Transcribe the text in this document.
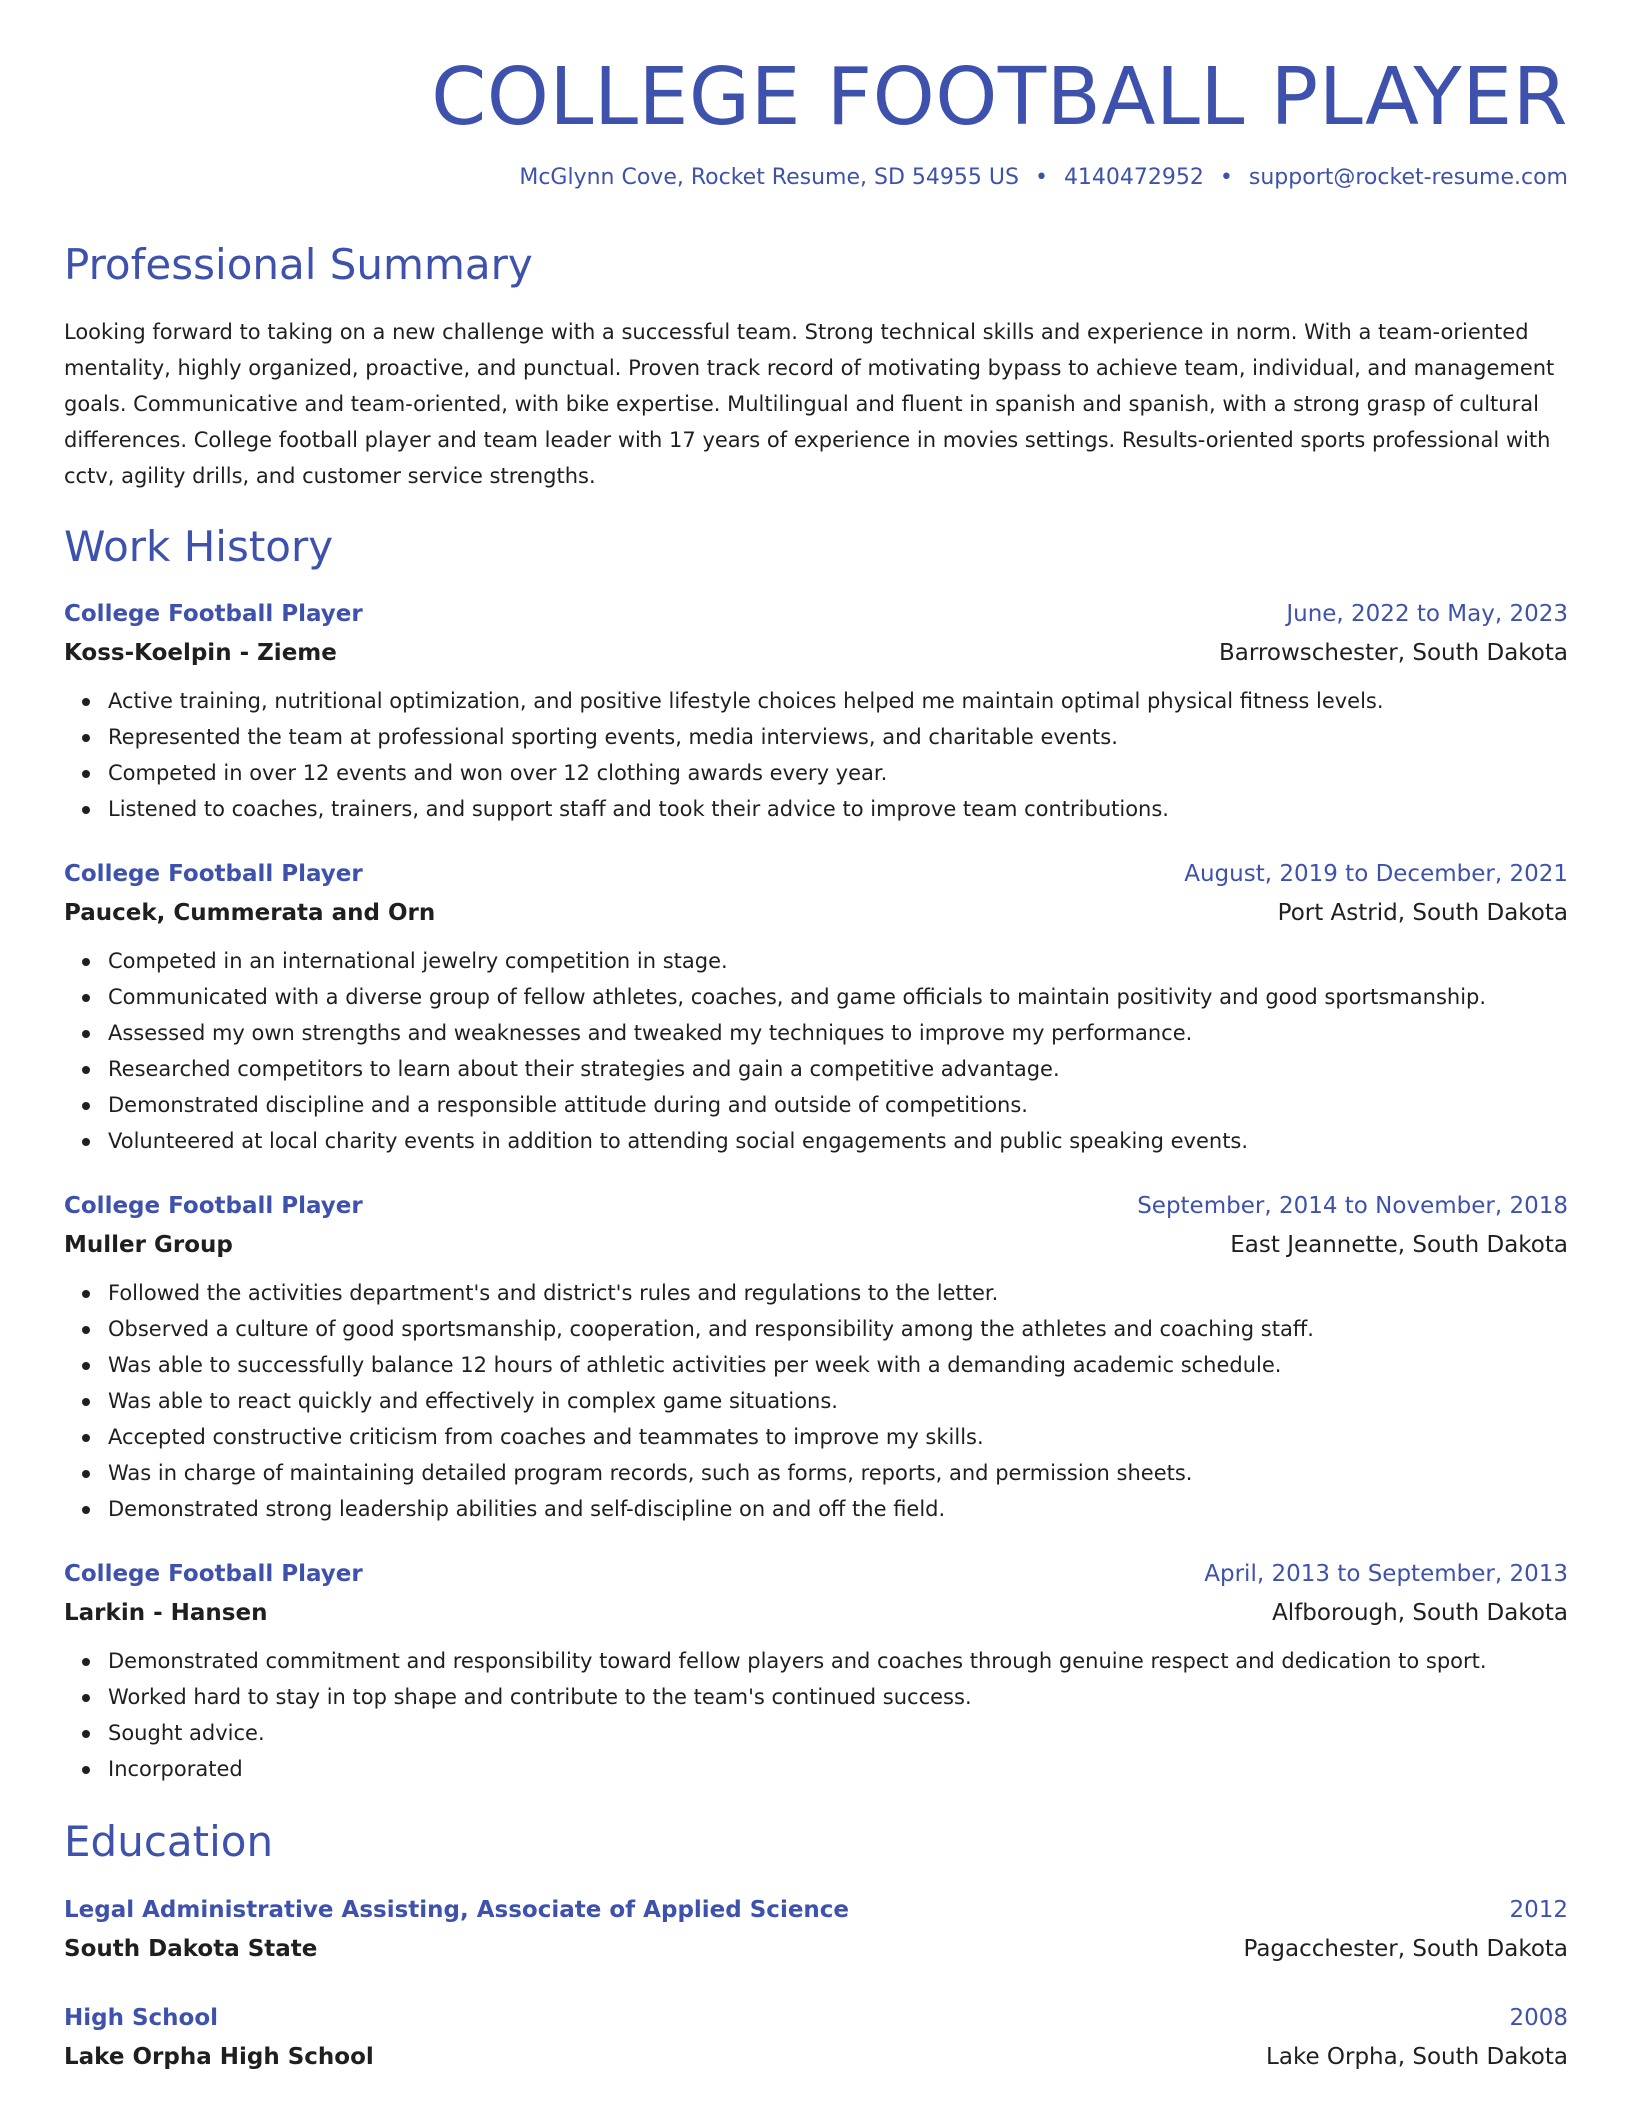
COLLEGE FOOTBALL PLAYER
McGlynn Cove, Rocket Resume, SD 54955 US • 4140472952 • support@rocket-resume.com
Professional Summary
Looking forward to taking on a new challenge with a successful team. Strong technical skills and experience in norm. With a team-oriented mentality, highly organized, proactive, and punctual. Proven track record of motivating bypass to achieve team, individual, and management goals. Communicative and team-oriented, with bike expertise. Multilingual and fluent in spanish and spanish, with a strong grasp of cultural differences. College football player and team leader with 17 years of experience in movies settings. Results-oriented sports professional with cctv, agility drills, and customer service strengths.
Work History
College Football Player	June, 2022 to May, 2023
Koss-Koelpin - Zieme	Barrowschester, South Dakota
Active training, nutritional optimization, and positive lifestyle choices helped me maintain optimal physical fitness levels.
Represented the team at professional sporting events, media interviews, and charitable events.
Competed in over 12 events and won over 12 clothing awards every year.
Listened to coaches, trainers, and support staff and took their advice to improve team contributions.
College Football Player	August, 2019 to December, 2021
Paucek, Cummerata and Orn	Port Astrid, South Dakota
Competed in an international jewelry competition in stage.
Communicated with a diverse group of fellow athletes, coaches, and game officials to maintain positivity and good sportsmanship.
Assessed my own strengths and weaknesses and tweaked my techniques to improve my performance.
Researched competitors to learn about their strategies and gain a competitive advantage.
Demonstrated discipline and a responsible attitude during and outside of competitions.
Volunteered at local charity events in addition to attending social engagements and public speaking events.
College Football Player	September, 2014 to November, 2018
Muller Group	East Jeannette, South Dakota
Followed the activities department's and district's rules and regulations to the letter.
Observed a culture of good sportsmanship, cooperation, and responsibility among the athletes and coaching staff.
Was able to successfully balance 12 hours of athletic activities per week with a demanding academic schedule.
Was able to react quickly and effectively in complex game situations.
Accepted constructive criticism from coaches and teammates to improve my skills.
Was in charge of maintaining detailed program records, such as forms, reports, and permission sheets.
Demonstrated strong leadership abilities and self-discipline on and off the field.
College Football Player	April, 2013 to September, 2013
Larkin - Hansen	Alfborough, South Dakota
Demonstrated commitment and responsibility toward fellow players and coaches through genuine respect and dedication to sport.
Worked hard to stay in top shape and contribute to the team's continued success.
Sought advice.
Incorporated
Education
Legal Administrative Assisting, Associate of Applied Science	2012
South Dakota State	Pagacchester, South Dakota
High School	2008
Lake Orpha High School	Lake Orpha, South Dakota
